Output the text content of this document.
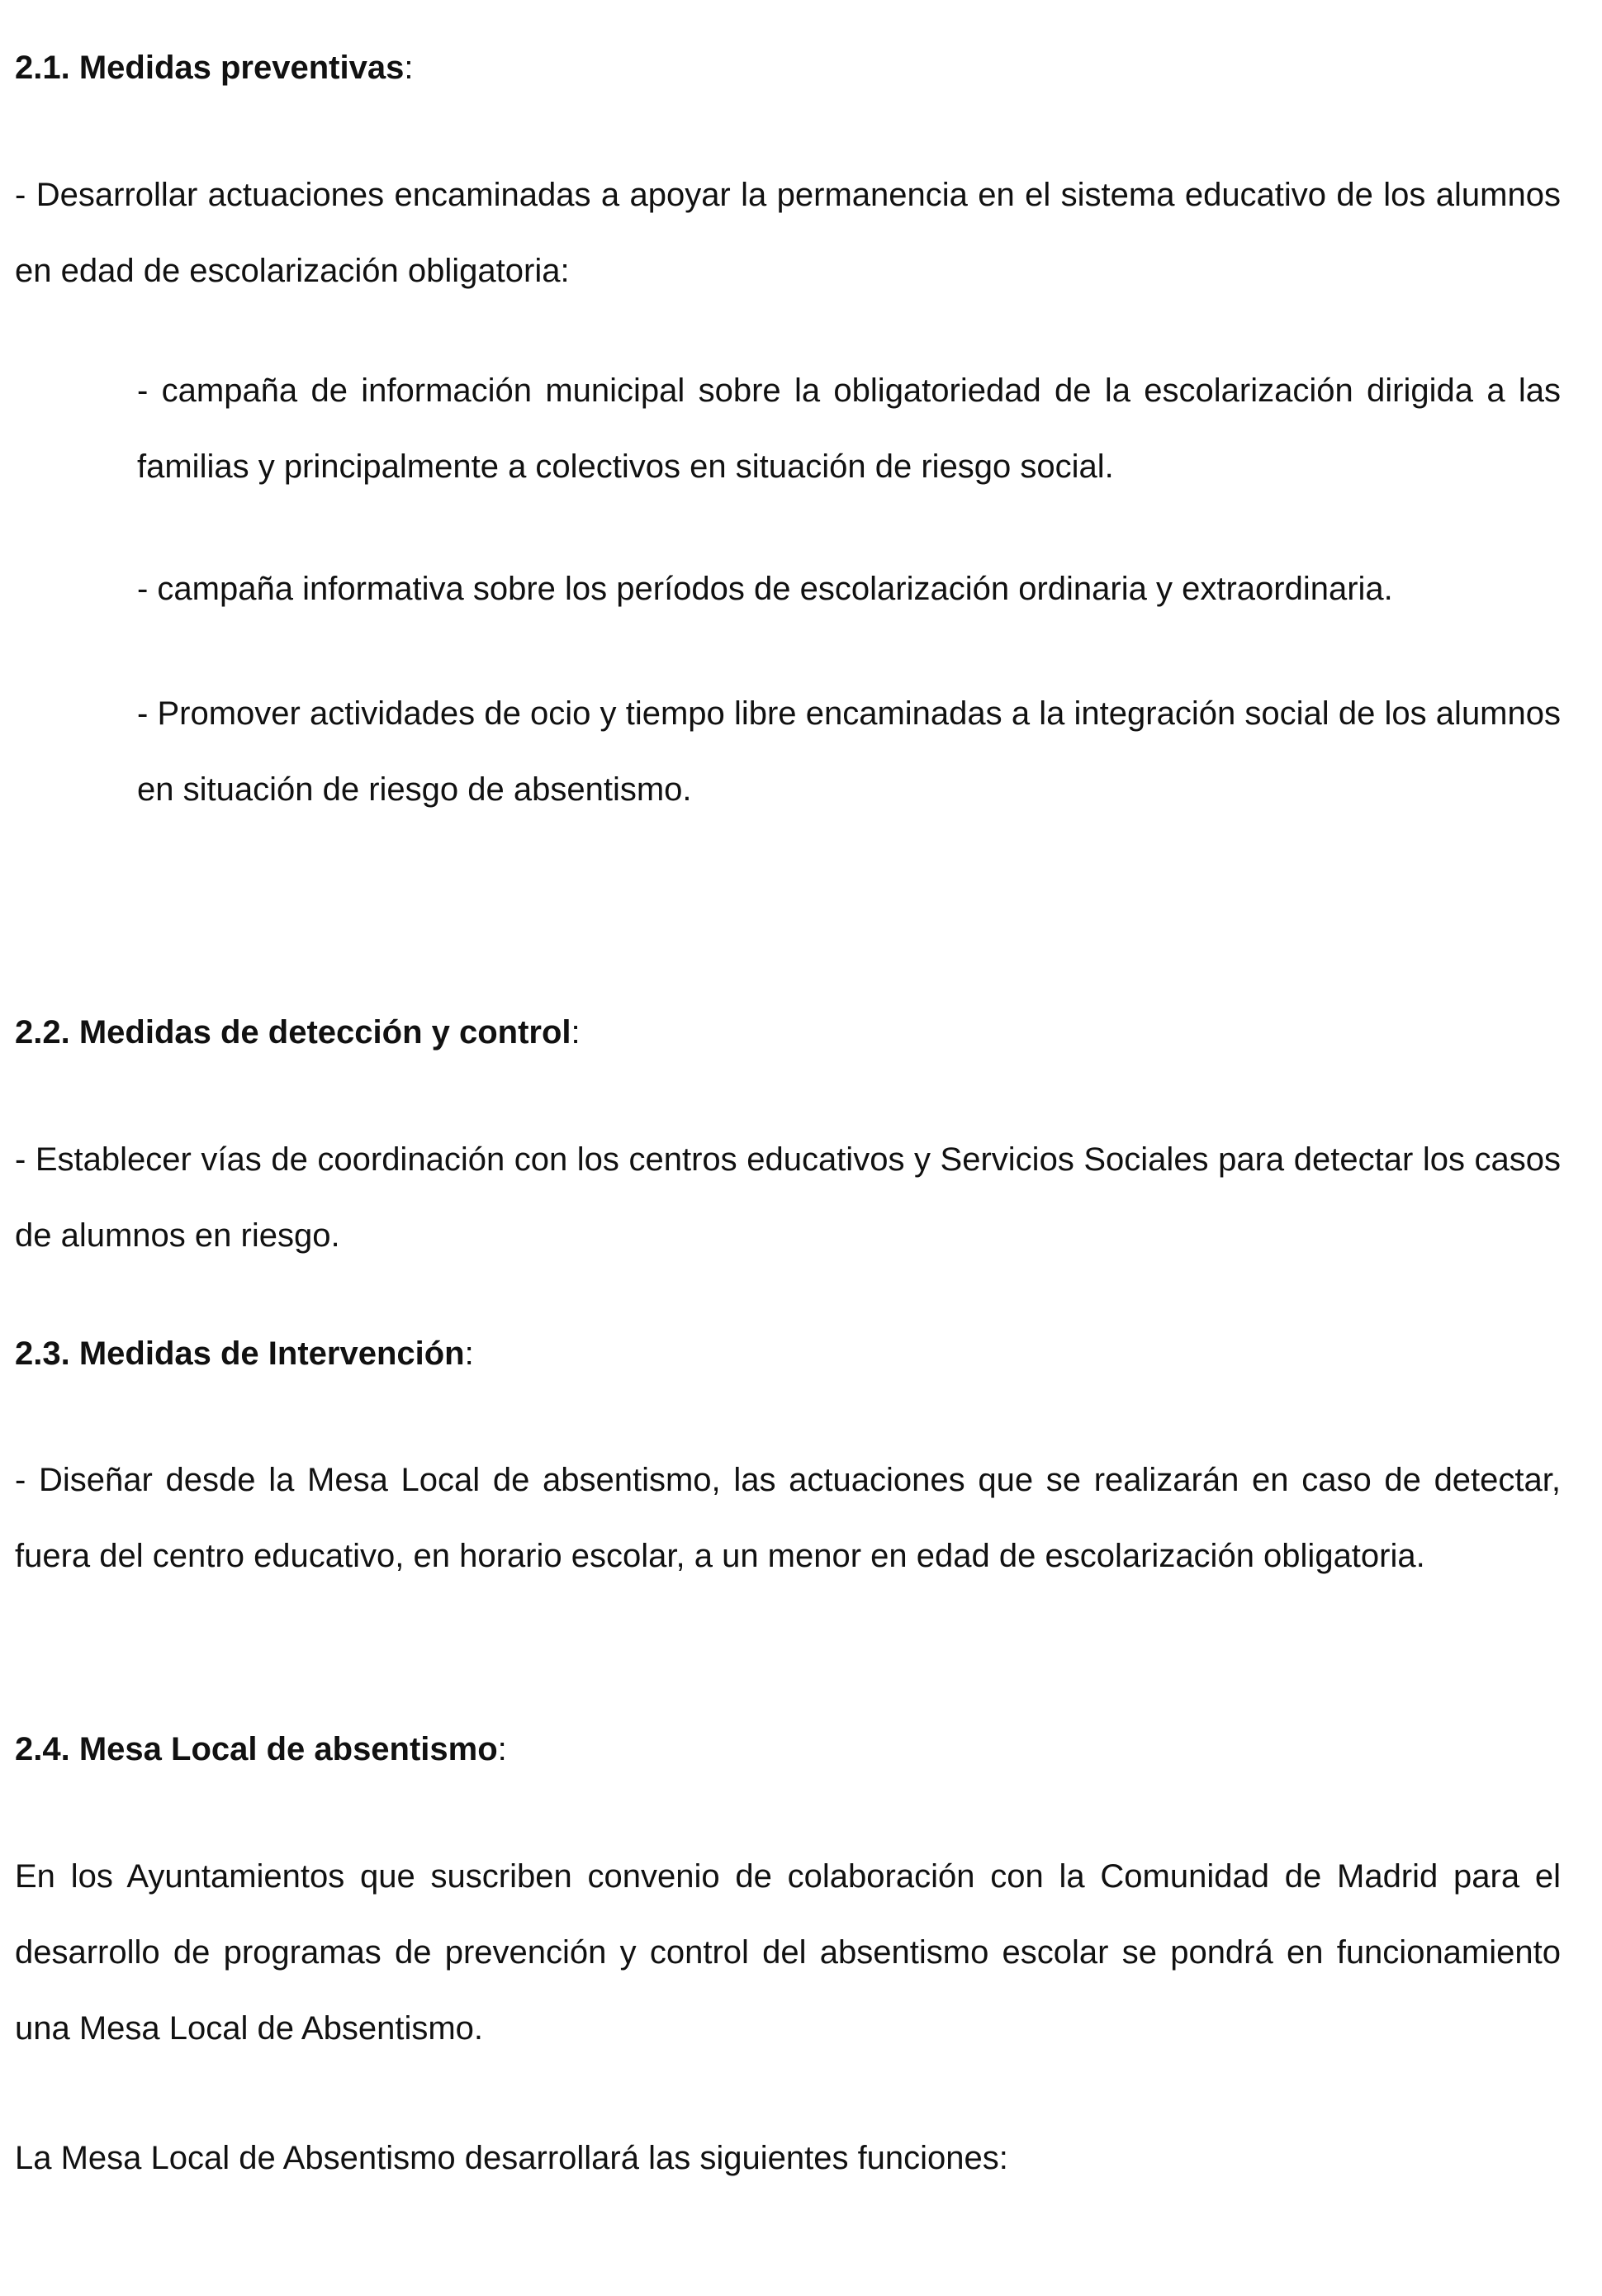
2.1. Medidas preventivas:

- Desarrollar actuaciones encaminadas a apoyar la permanencia en el sistema educativo de los alumnos en edad de escolarización obligatoria:

- campaña de información municipal sobre la obligatoriedad de la escolarización dirigida a las familias y principalmente a colectivos en situación de riesgo social.

- campaña informativa sobre los períodos de escolarización ordinaria y extraordinaria.

- Promover actividades de ocio y tiempo libre encaminadas a la integración social de los alumnos en situación de riesgo de absentismo.

2.2. Medidas de detección y control:

- Establecer vías de coordinación con los centros educativos y Servicios Sociales para detectar los casos de alumnos en riesgo.

2.3. Medidas de Intervención:

- Diseñar desde la Mesa Local de absentismo, las actuaciones que se realizarán en caso de detectar, fuera del centro educativo, en horario escolar, a un menor en edad de escolarización obligatoria.

2.4. Mesa Local de absentismo:

En los Ayuntamientos que suscriben convenio de colaboración con la Comunidad de Madrid para el desarrollo de programas de prevención y control del absentismo escolar se pondrá en funcionamiento una Mesa Local de Absentismo.

La Mesa Local de Absentismo desarrollará las siguientes funciones:
